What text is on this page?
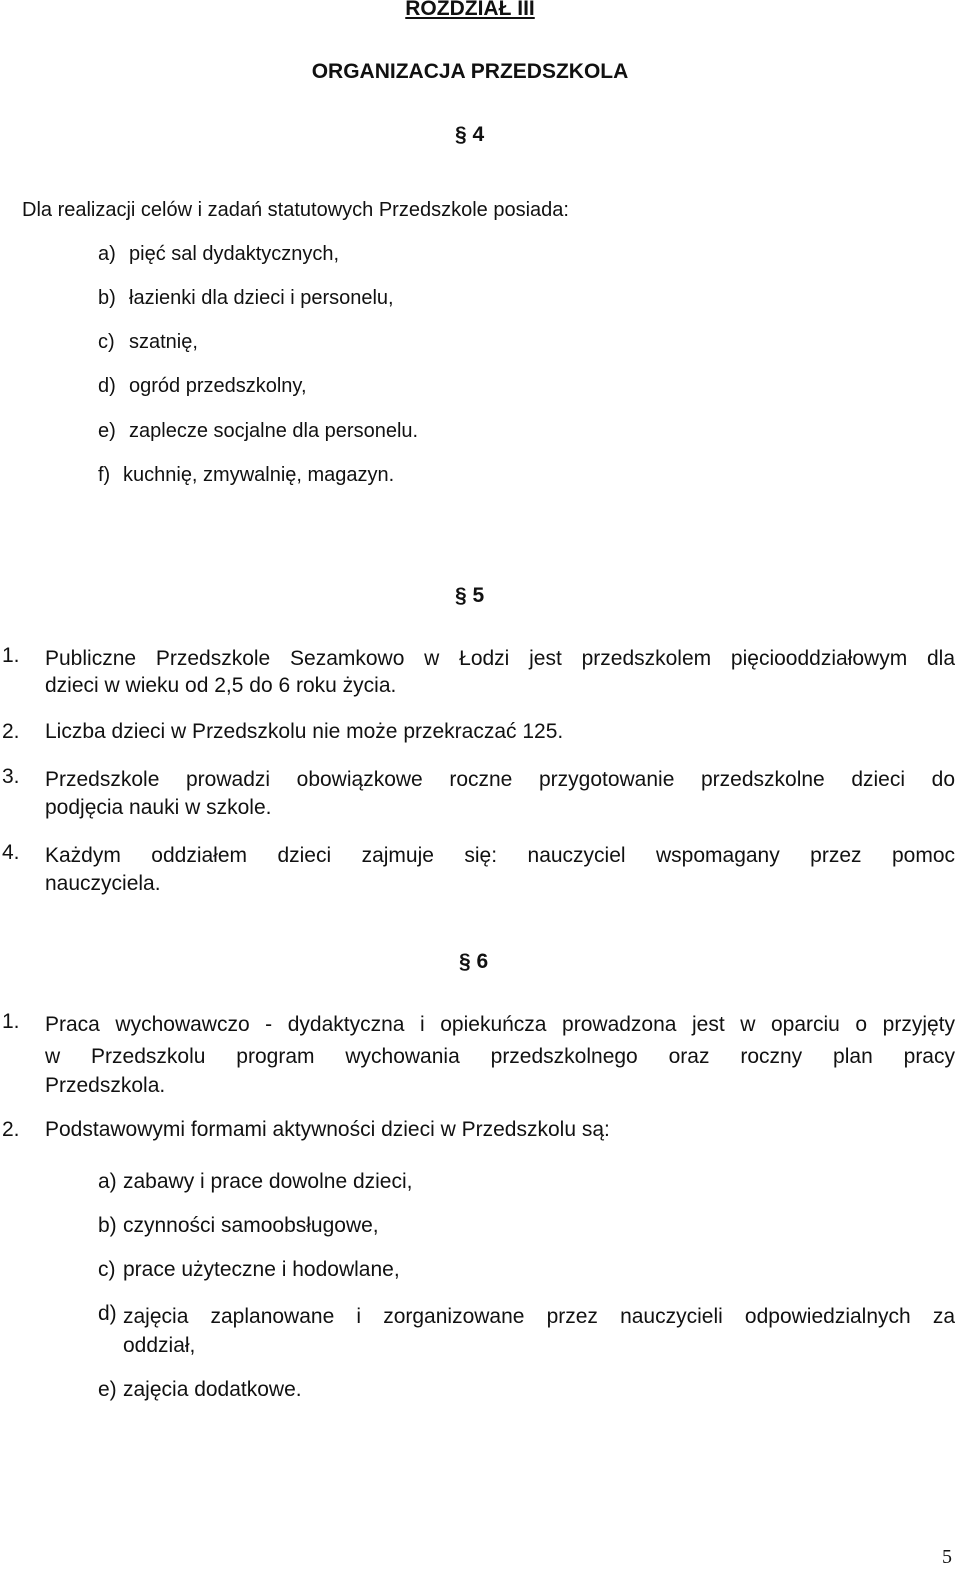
ROZDZIAŁ III
ORGANIZACJA PRZEDSZKOLA
§ 4
Dla realizacji celów i zadań statutowych Przedszkole posiada:
a) pięć sal dydaktycznych,
b) łazienki dla dzieci i personelu,
c) szatnię,
d) ogród przedszkolny,
e) zaplecze socjalne dla personelu.
f) kuchnię, zmywalnię, magazyn.
§ 5
1. Publiczne Przedszkole Sezamkowo w Łodzi jest przedszkolem pięciooddziałowym dla
dzieci w wieku od 2,5 do 6 roku życia.
2. Liczba dzieci w Przedszkolu nie może przekraczać 125.
3. Przedszkole prowadzi obowiązkowe roczne przygotowanie przedszkolne dzieci do
podjęcia nauki w szkole.
4. Każdym oddziałem dzieci zajmuje się: nauczyciel wspomagany przez pomoc
nauczyciela.
§ 6
1. Praca wychowawczo - dydaktyczna i opiekuńcza prowadzona jest w oparciu o przyjęty
w Przedszkolu program wychowania przedszkolnego oraz roczny plan pracy
Przedszkola.
2. Podstawowymi formami aktywności dzieci w Przedszkolu są:
a) zabawy i prace dowolne dzieci,
b) czynności samoobsługowe,
c) prace użyteczne i hodowlane,
d) zajęcia zaplanowane i zorganizowane przez nauczycieli odpowiedzialnych za
oddział,
e) zajęcia dodatkowe.
5
